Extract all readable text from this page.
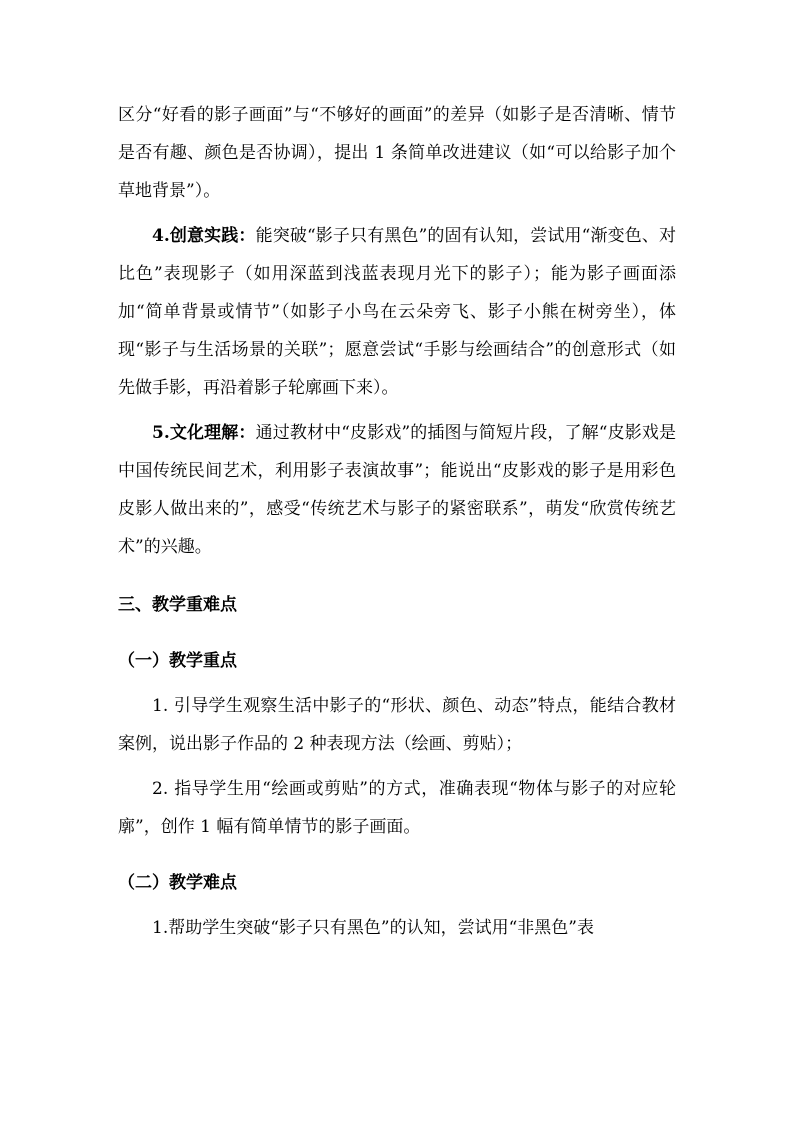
区分“好看的影子画面”与“不够好的画面”的差异（如影子是否清晰、情节是否有趣、颜色是否协调），提出 1 条简单改进建议（如“可以给影子加个草地背景”）。

4.创意实践：能突破“影子只有黑色”的固有认知，尝试用“渐变色、对比色”表现影子（如用深蓝到浅蓝表现月光下的影子）；能为影子画面添加“简单背景或情节”（如影子小鸟在云朵旁飞、影子小熊在树旁坐），体现“影子与生活场景的关联”；愿意尝试“手影与绘画结合”的创意形式（如先做手影，再沿着影子轮廓画下来）。

5.文化理解：通过教材中“皮影戏”的插图与简短片段，了解“皮影戏是中国传统民间艺术，利用影子表演故事”；能说出“皮影戏的影子是用彩色皮影人做出来的”，感受“传统艺术与影子的紧密联系”，萌发“欣赏传统艺术”的兴趣。

三、教学重难点

（一）教学重点

1. 引导学生观察生活中影子的“形状、颜色、动态”特点，能结合教材案例，说出影子作品的 2 种表现方法（绘画、剪贴）；

2. 指导学生用“绘画或剪贴”的方式，准确表现“物体与影子的对应轮廓”，创作 1 幅有简单情节的影子画面。

（二）教学难点

1.帮助学生突破“影子只有黑色”的认知，尝试用“非黑色”表
